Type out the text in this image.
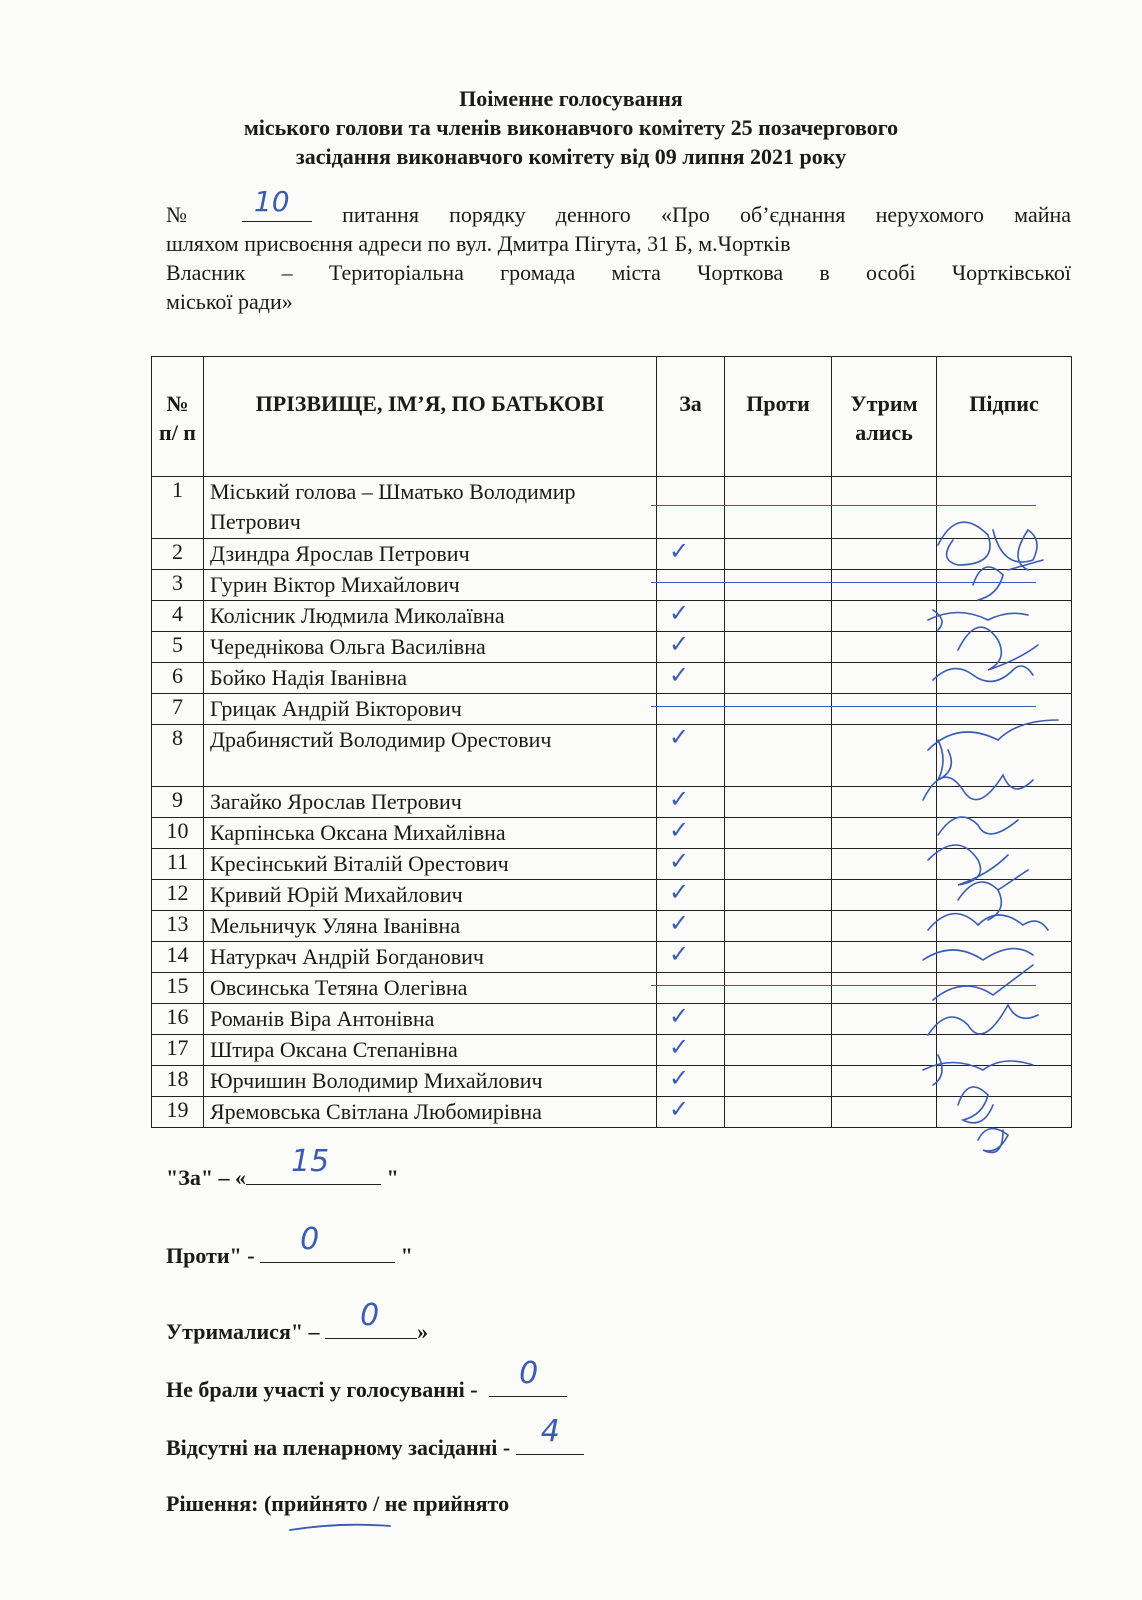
Поіменне голосування
міського голови та членів виконавчого комітету 25 позачергового
засідання виконавчого комітету від 09 липня 2021 року
№ 10 питання порядку денного «Про об’єднання нерухомого майна
шляхом присвоєння адреси по вул. Дмитра Пігута, 31 Б, м.Чортків
Власник – Територіальна громада міста Чорткова в особі Чортківської
міської ради»
№ п/ п	ПРІЗВИЩЕ, ІМ’Я, ПО БАТЬКОВІ	За	Проти	Утрим ались	Підпис
1	Міський голова – Шматько Володимир Петрович				
2	Дзиндра Ярослав Петрович	✓			

3	Гурин Віктор Михайлович				
4	Колісник Людмила Миколаївна	✓			

5	Череднікова Ольга Василівна	✓			

6	Бойко Надія Іванівна	✓			

7	Грицак Андрій Вікторович				
8	Драбинястий Володимир Орестович	✓			

9	Загайко Ярослав Петрович	✓			

10	Карпінська Оксана Михайлівна	✓			

11	Кресінський Віталій Орестович	✓			

12	Кривий Юрій Михайлович	✓			

13	Мельничук Уляна Іванівна	✓			

14	Натуркач Андрій Богданович	✓			

15	Овсинська Тетяна Олегівна				
16	Романів Віра Антонівна	✓			

17	Штира Оксана Степанівна	✓			

18	Юрчишин Володимир Михайлович	✓			

19	Яремовська Світлана Любомирівна	✓			

"За" – « 15 "
Проти" - 0	"
Утрималися" – 0 »
Не брали участі у голосуванні - 0
Відсутні на пленарному засіданні - 4
Рішення: (прийнято / не прийнято
